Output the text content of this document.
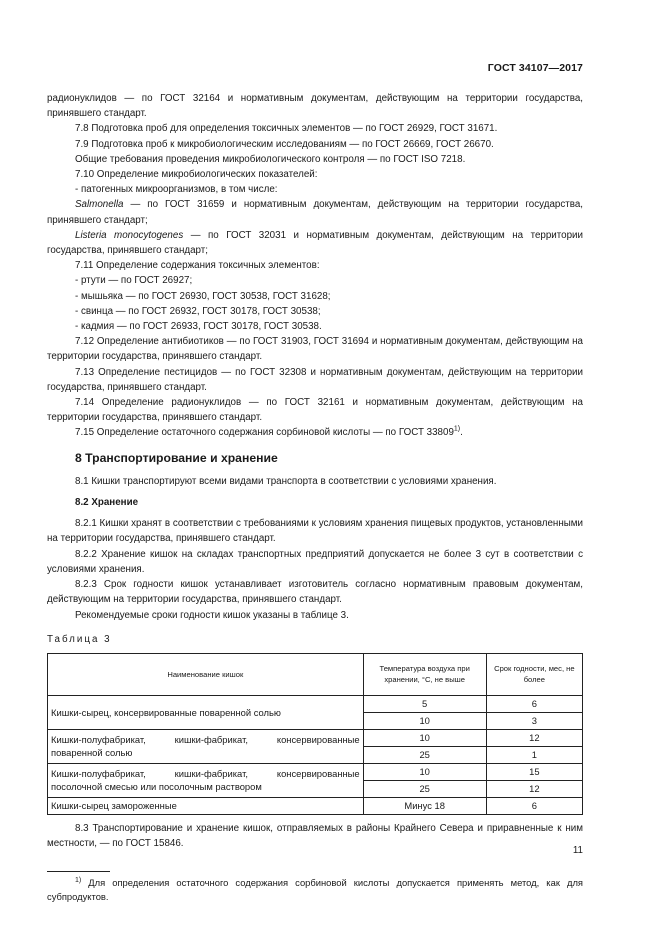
ГОСТ 34107—2017

радионуклидов — по ГОСТ 32164 и нормативным документам, действующим на территории государства, принявшего стандарт.

7.8 Подготовка проб для определения токсичных элементов — по ГОСТ 26929, ГОСТ 31671.

7.9 Подготовка проб к микробиологическим исследованиям — по ГОСТ 26669, ГОСТ 26670.

Общие требования проведения микробиологического контроля — по ГОСТ ISO 7218.

7.10 Определение микробиологических показателей:

- патогенных микроорганизмов, в том числе:

Salmonella — по ГОСТ 31659 и нормативным документам, действующим на территории государства, принявшего стандарт;

Listeria monocytogenes — по ГОСТ 32031 и нормативным документам, действующим на территории государства, принявшего стандарт;

7.11 Определение содержания токсичных элементов:

- ртути — по ГОСТ 26927;

- мышьяка — по ГОСТ 26930, ГОСТ 30538, ГОСТ 31628;

- свинца — по ГОСТ 26932, ГОСТ 30178, ГОСТ 30538;

- кадмия — по ГОСТ 26933, ГОСТ 30178, ГОСТ 30538.

7.12 Определение антибиотиков — по ГОСТ 31903, ГОСТ 31694 и нормативным документам, действующим на территории государства, принявшего стандарт.

7.13 Определение пестицидов — по ГОСТ 32308 и нормативным документам, действующим на территории государства, принявшего стандарт.

7.14 Определение радионуклидов — по ГОСТ 32161 и нормативным документам, действующим на территории государства, принявшего стандарт.

7.15 Определение остаточного содержания сорбиновой кислоты — по ГОСТ 33809$^{1)}$.

8 Транспортирование и хранение

8.1 Кишки транспортируют всеми видами транспорта в соответствии с условиями хранения.

8.2 Хранение

8.2.1 Кишки хранят в соответствии с требованиями к условиям хранения пищевых продуктов, установленными на территории государства, принявшего стандарт.

8.2.2 Хранение кишок на складах транспортных предприятий допускается не более 3 сут в соответствии с условиями хранения.

8.2.3 Срок годности кишок устанавливает изготовитель согласно нормативным правовым документам, действующим на территории государства, принявшего стандарт.

Рекомендуемые сроки годности кишок указаны в таблице 3.

Таблица 3

Наименование кишок	Температура воздуха при хранении, °С, не выше	Срок годности, мес, не более
Кишки-сырец, консервированные поваренной солью	5	6
	10	3
Кишки-полуфабрикат, кишки-фабрикат, консервированные поваренной солью	10	12
	25	1
Кишки-полуфабрикат, кишки-фабрикат, консервированные посолочной смесью или посолочным раствором	10	15
	25	12
Кишки-сырец замороженные	Минус 18	6

8.3 Транспортирование и хранение кишок, отправляемых в районы Крайнего Севера и приравненные к ним местности, — по ГОСТ 15846.

$^{1)}$ Для определения остаточного содержания сорбиновой кислоты допускается применять метод, как для субпродуктов.

11
